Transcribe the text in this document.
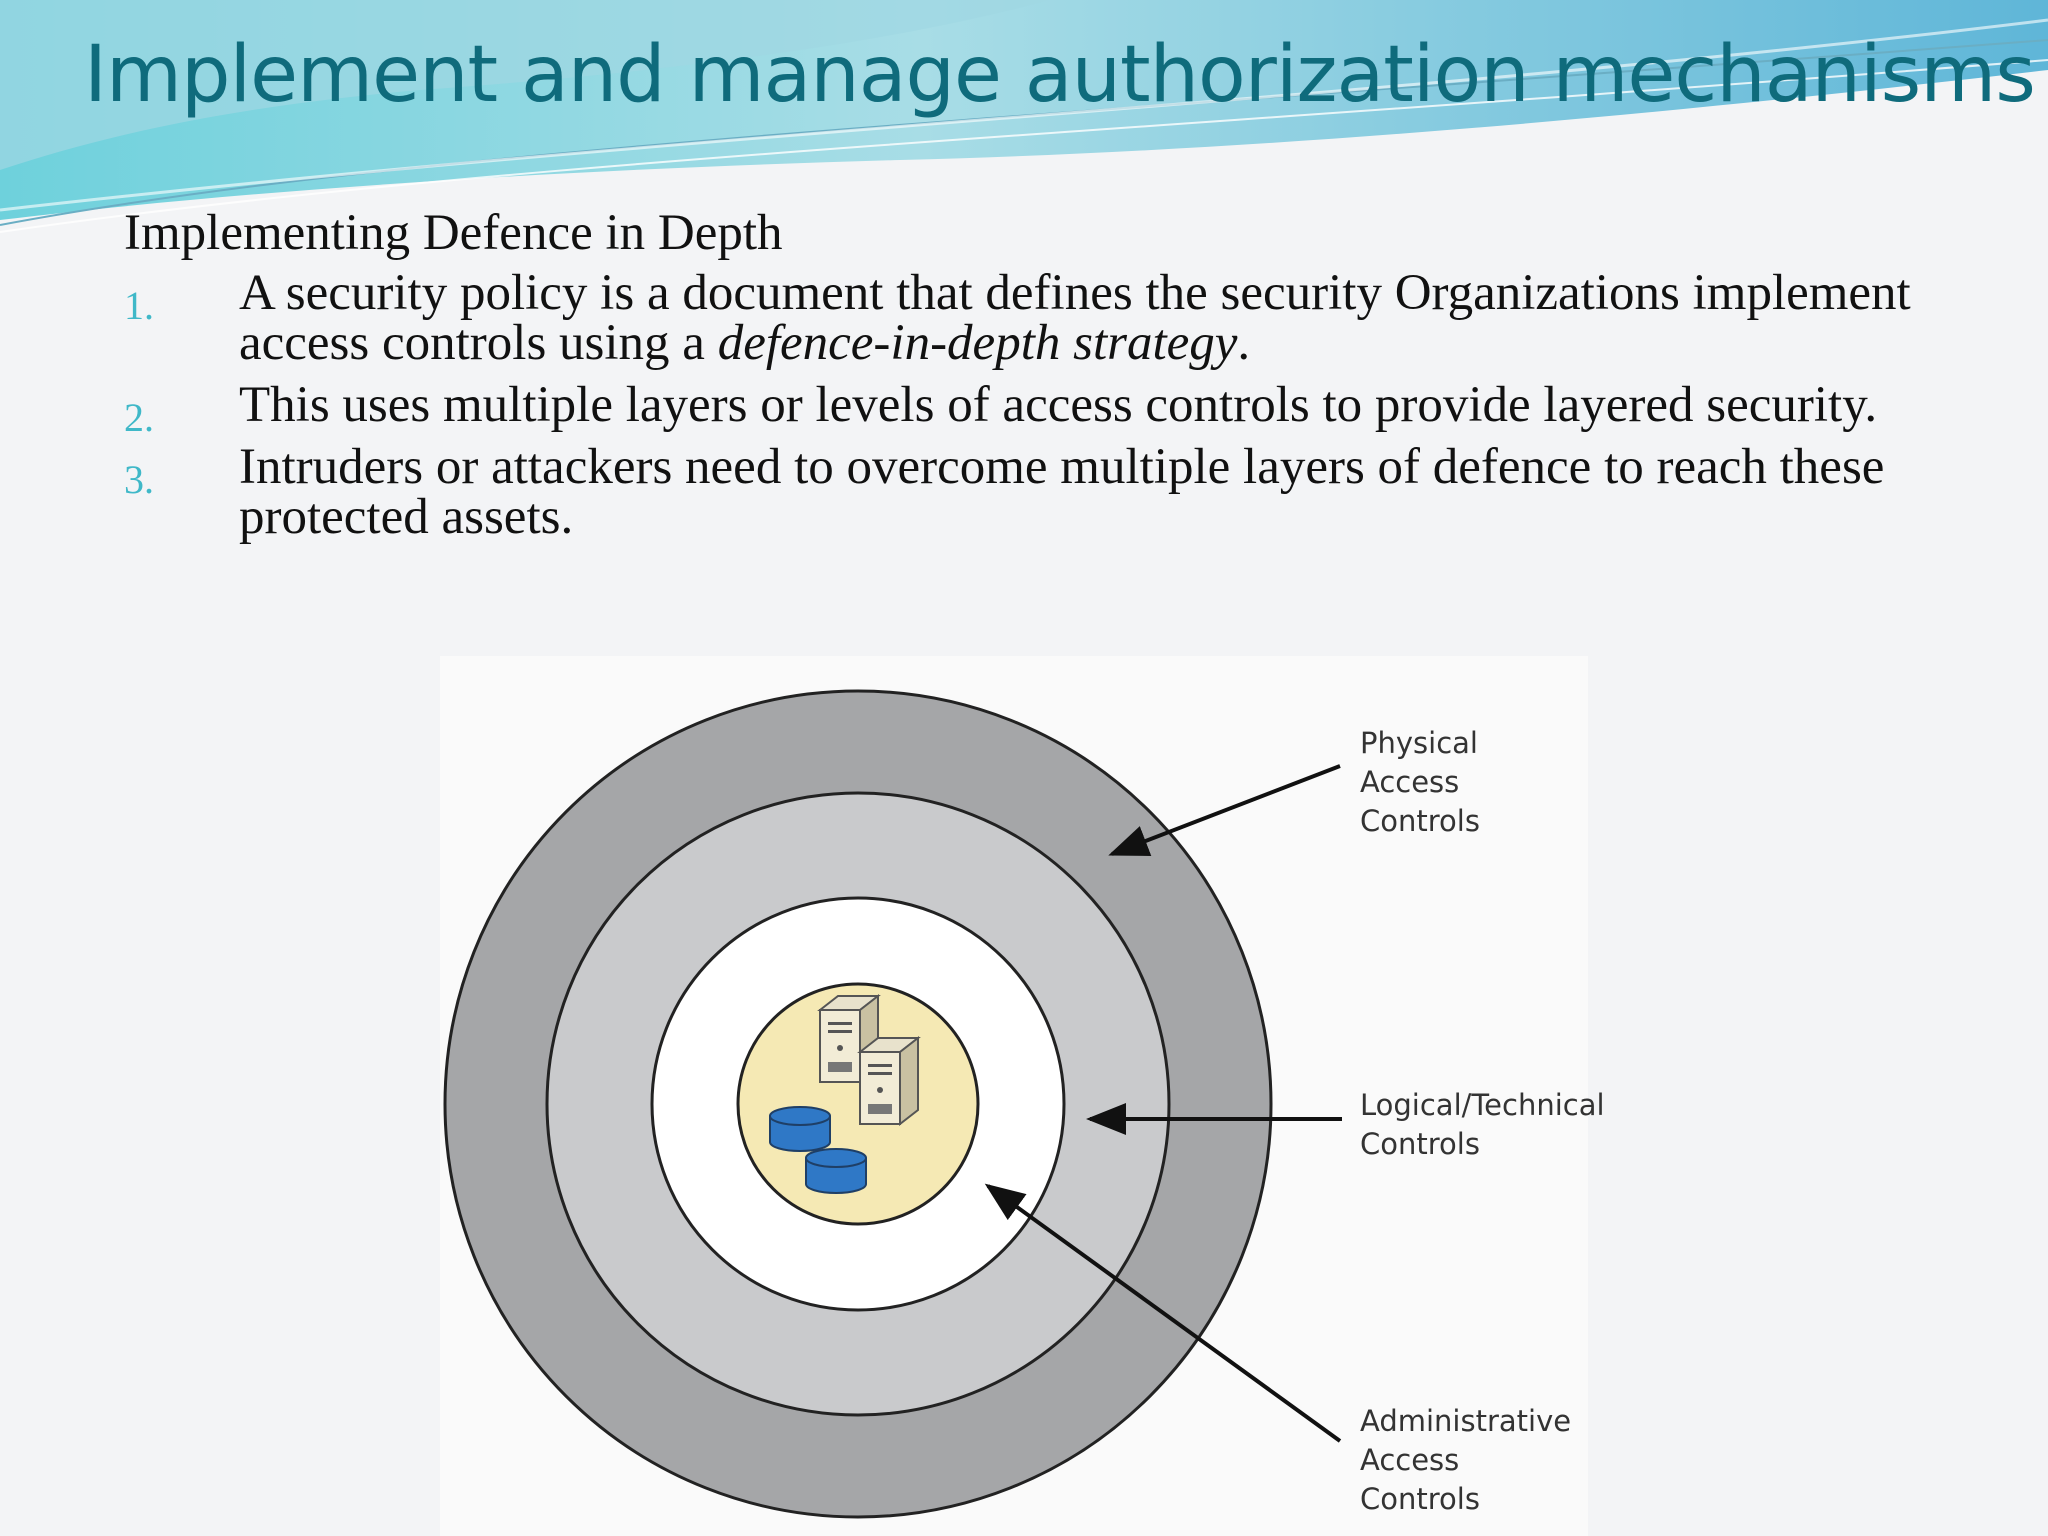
Implement and manage authorization mechanisms

Implementing Defence in Depth

1. A security policy is a document that defines the security Organizations implement access controls using a defence-in-depth strategy.
2. This uses multiple layers or levels of access controls to provide layered security.
3. Intruders or attackers need to overcome multiple layers of defence to reach these protected assets.
Physical
Access Controls
Logical/Technical
Controls
Administrative
Access Controls
